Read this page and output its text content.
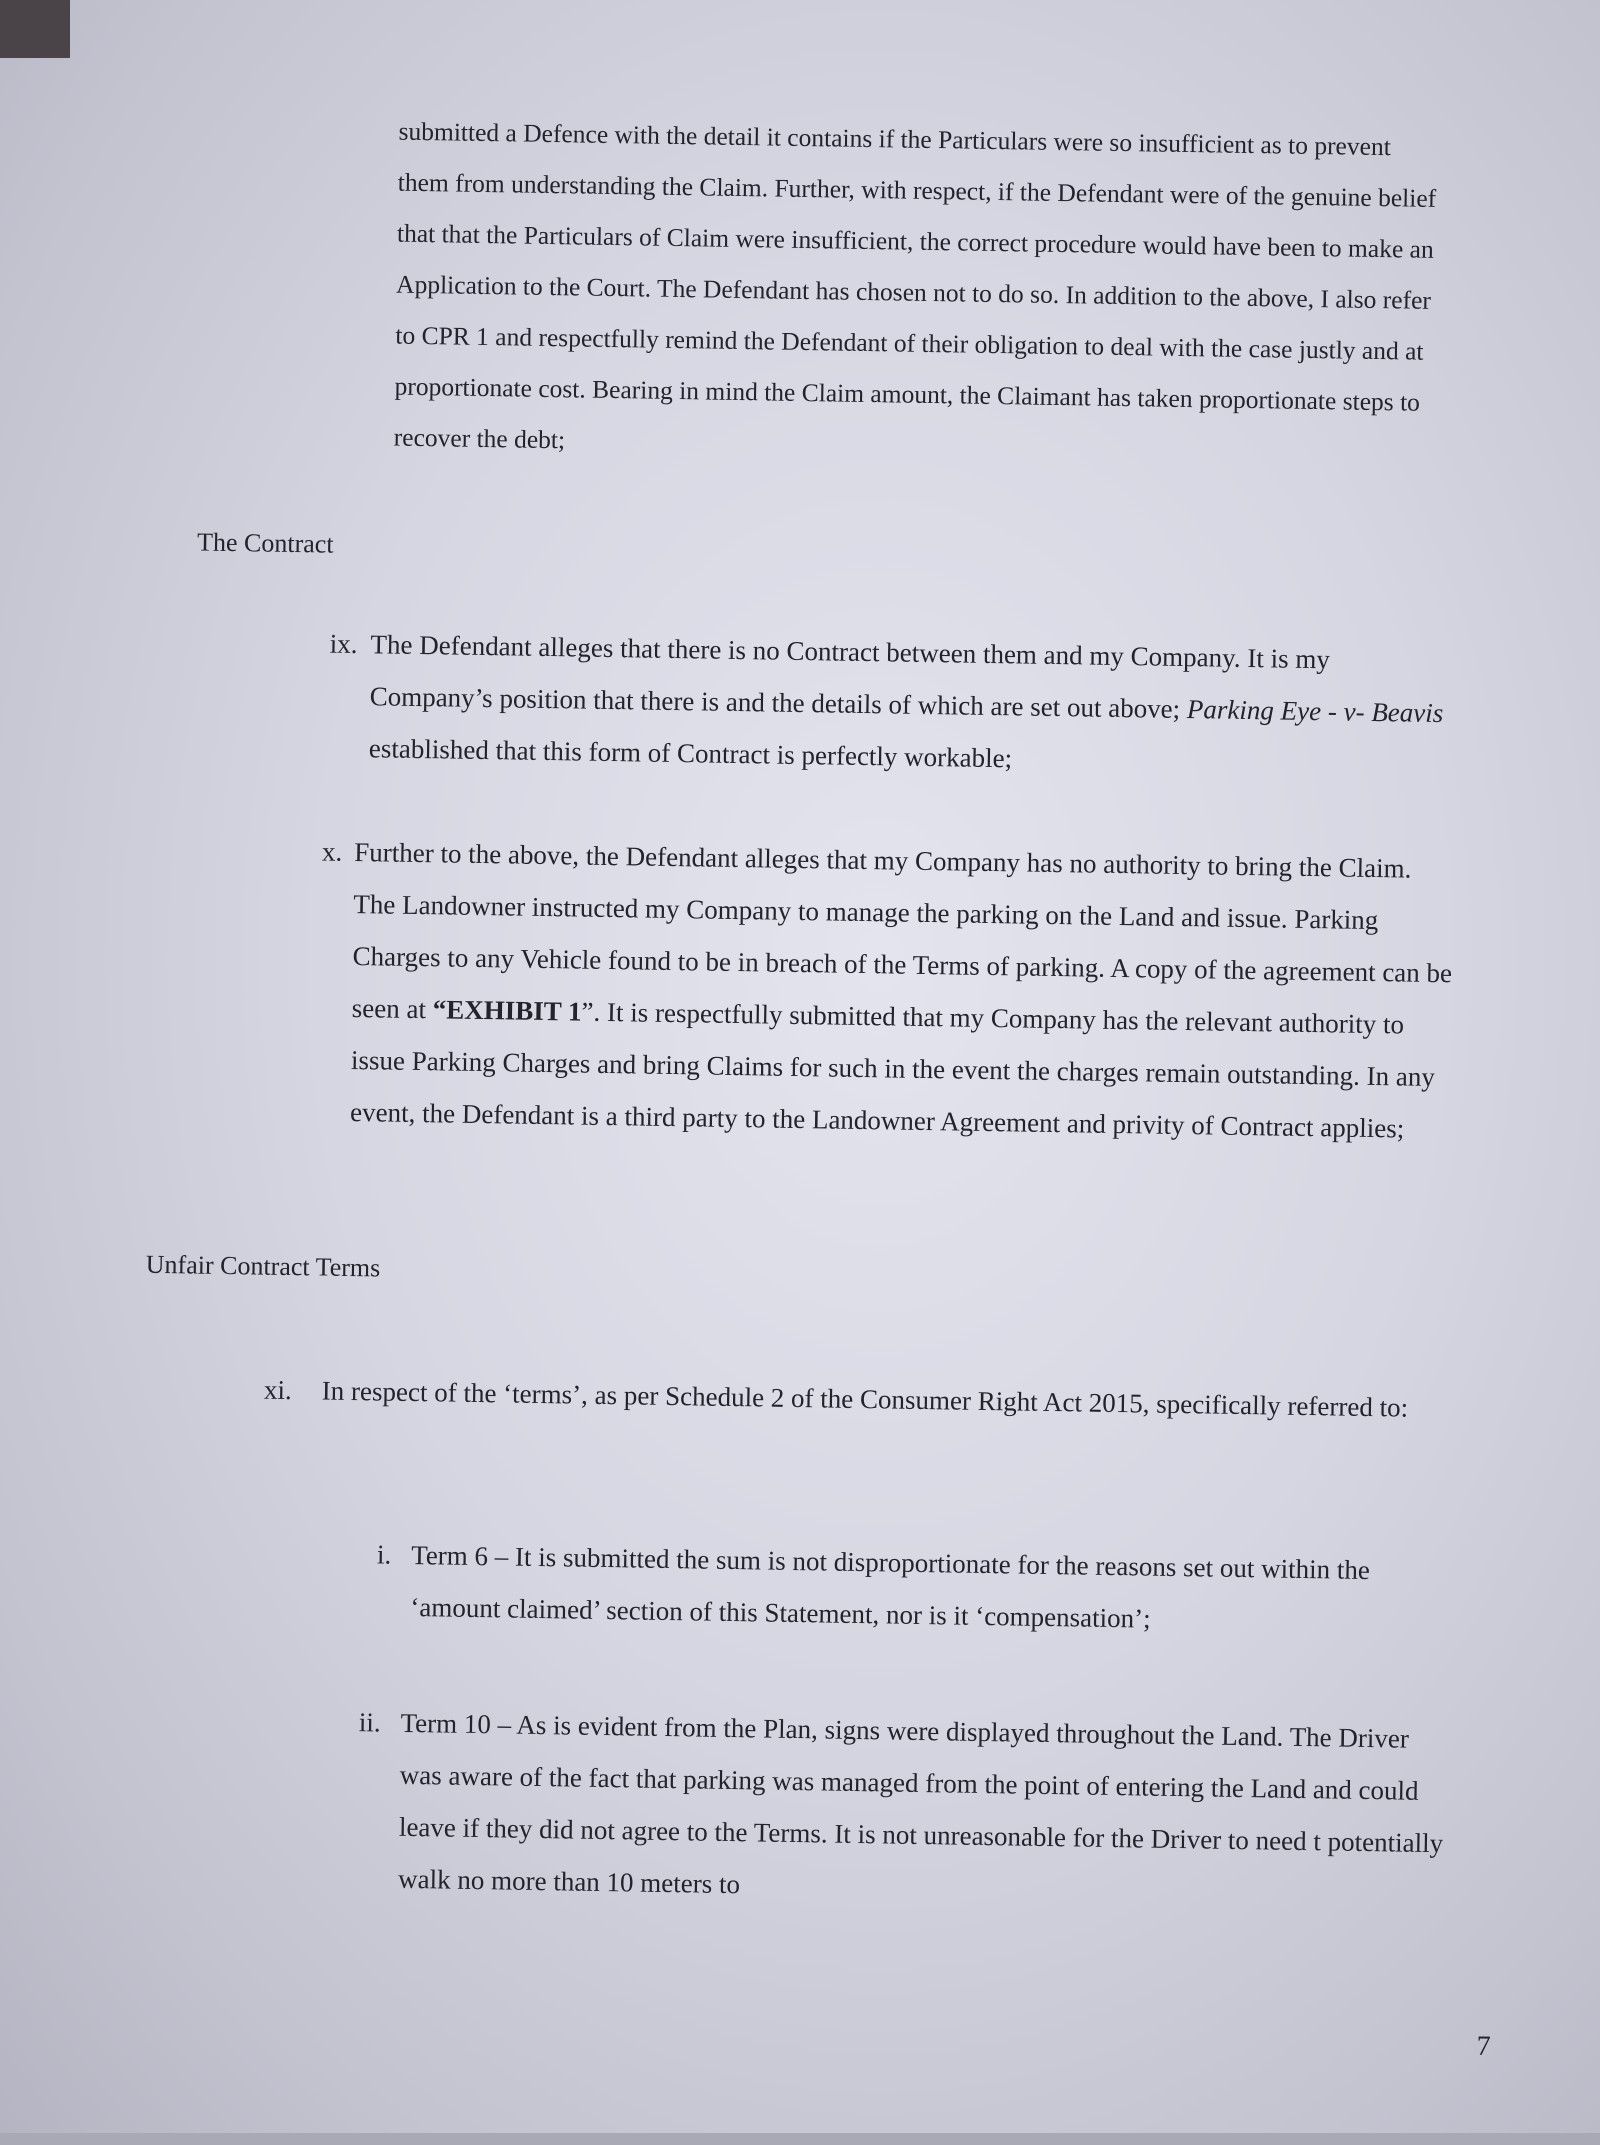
submitted a Defence with the detail it contains if the Particulars were so insufficient as to prevent them from understanding the Claim. Further, with respect, if the Defendant were of the genuine belief that that the Particulars of Claim were insufficient, the correct procedure would have been to make an Application to the Court. The Defendant has chosen not to do so. In addition to the above, I also refer to CPR 1 and respectfully remind the Defendant of their obligation to deal with the case justly and at proportionate cost. Bearing in mind the Claim amount, the Claimant has taken proportionate steps to recover the debt;

The Contract
ix. The Defendant alleges that there is no Contract between them and my Company. It is my Company’s position that there is and the details of which are set out above; Parking Eye - v- Beavis established that this form of Contract is perfectly workable;
x. Further to the above, the Defendant alleges that my Company has no authority to bring the Claim. The Landowner instructed my Company to manage the parking on the Land and issue. Parking Charges to any Vehicle found to be in breach of the Terms of parking. A copy of the agreement can be seen at “EXHIBIT 1”. It is respectfully submitted that my Company has the relevant authority to issue Parking Charges and bring Claims for such in the event the charges remain outstanding. In any event, the Defendant is a third party to the Landowner Agreement and privity of Contract applies;
Unfair Contract Terms
xi.	In respect of the ‘terms’, as per Schedule 2 of the Consumer Right Act 2015, specifically referred to:
i. Term 6 – It is submitted the sum is not disproportionate for the reasons set out within the ‘amount claimed’ section of this Statement, nor is it ‘compensation’;
ii. Term 10 – As is evident from the Plan, signs were displayed throughout the Land. The Driver was aware of the fact that parking was managed from the point of entering the Land and could leave if they did not agree to the Terms. It is not unreasonable for the Driver to need t potentially walk no more than 10 meters to
7
